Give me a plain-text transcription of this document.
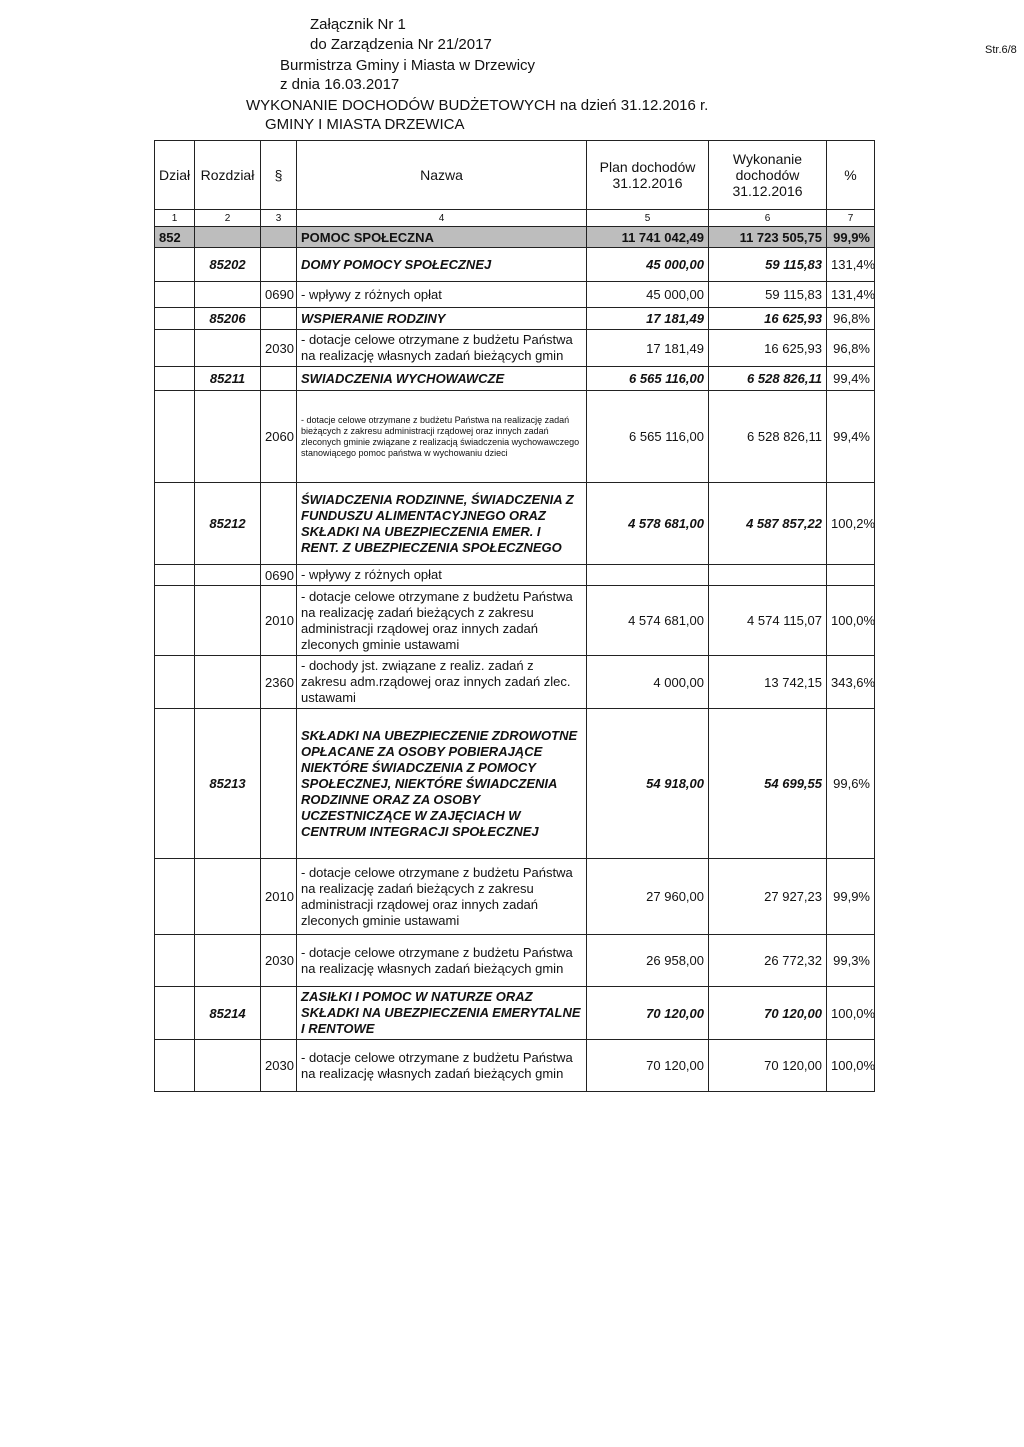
Załącznik Nr 1
do Zarządzenia Nr 21/2017
Burmistrza Gminy i Miasta w Drzewicy
z dnia 16.03.2017
WYKONANIE DOCHODÓW BUDŻETOWYCH na dzień 31.12.2016 r.
GMINY I MIASTA DRZEWICA
Str.6/8
Dział	Rozdział	§	Nazwa	Plan dochodów 31.12.2016	Wykonanie dochodów 31.12.2016	%
1	2	3	4	5	6	7
852			POMOC SPOŁECZNA	11 741 042,49	11 723 505,75	99,9%
	85202		DOMY POMOCY SPOŁECZNEJ	45 000,00	59 115,83	131,4%
		0690	- wpływy z różnych opłat	45 000,00	59 115,83	131,4%
	85206		WSPIERANIE RODZINY	17 181,49	16 625,93	96,8%
		2030	- dotacje celowe otrzymane z budżetu Państwa na realizację własnych zadań bieżących gmin	17 181,49	16 625,93	96,8%
	85211		SWIADCZENIA WYCHOWAWCZE	6 565 116,00	6 528 826,11	99,4%
		2060	- dotacje celowe otrzymane z budżetu Państwa na realizację zadań bieżących z zakresu administracji rządowej oraz innych zadań zleconych gminie związane z realizacją świadczenia wychowawczego stanowiącego pomoc państwa w wychowaniu dzieci	6 565 116,00	6 528 826,11	99,4%
	85212		ŚWIADCZENIA RODZINNE, ŚWIADCZENIA Z FUNDUSZU ALIMENTACYJNEGO ORAZ SKŁADKI NA UBEZPIECZENIA EMER. I RENT. Z UBEZPIECZENIA SPOŁECZNEGO	4 578 681,00	4 587 857,22	100,2%
		0690	- wpływy z różnych opłat			
		2010	- dotacje celowe otrzymane z budżetu Państwa na realizację zadań bieżących z zakresu administracji rządowej oraz innych zadań zleconych gminie ustawami	4 574 681,00	4 574 115,07	100,0%
		2360	- dochody jst. związane z realiz. zadań z zakresu adm.rządowej oraz innych zadań zlec. ustawami	4 000,00	13 742,15	343,6%
	85213		SKŁADKI NA UBEZPIECZENIE ZDROWOTNE OPŁACANE ZA OSOBY POBIERAJĄCE NIEKTÓRE ŚWIADCZENIA Z POMOCY SPOŁECZNEJ, NIEKTÓRE ŚWIADCZENIA RODZINNE ORAZ ZA OSOBY UCZESTNICZĄCE W ZAJĘCIACH W CENTRUM INTEGRACJI SPOŁECZNEJ	54 918,00	54 699,55	99,6%
		2010	- dotacje celowe otrzymane z budżetu Państwa na realizację zadań bieżących z zakresu administracji rządowej oraz innych zadań zleconych gminie ustawami	27 960,00	27 927,23	99,9%
		2030	- dotacje celowe otrzymane z budżetu Państwa na realizację własnych zadań bieżących gmin	26 958,00	26 772,32	99,3%
	85214		ZASIŁKI I POMOC W NATURZE ORAZ SKŁADKI NA UBEZPIECZENIA EMERYTALNE I RENTOWE	70 120,00	70 120,00	100,0%
		2030	- dotacje celowe otrzymane z budżetu Państwa na realizację własnych zadań bieżących gmin	70 120,00	70 120,00	100,0%
